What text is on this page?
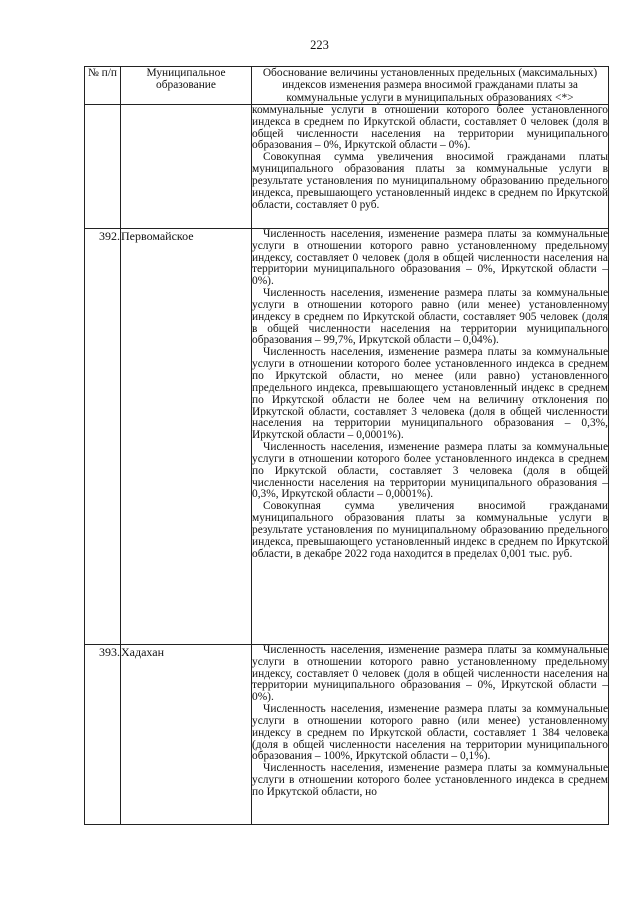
223
№ п/п	Муниципальное образование	Обоснование величины установленных предельных (максимальных) индексов изменения размера вносимой гражданами платы за коммунальные услуги в муниципальных образованиях <*>

		коммунальные услуги в отношении которого более установленного индекса в среднем по Иркутской области, составляет 0 человек (доля в общей численности населения на территории муниципального образования – 0%, Иркутской области – 0%).

Совокупная сумма увеличения вносимой гражданами платы муниципального образования платы за коммунальные услуги в результате установления по муниципальному образованию предельного индекса, превышающего установленный индекс в среднем по Иркутской области, составляет 0 руб.

392.	Первомайское	Численность населения, изменение размера платы за коммунальные услуги в отношении которого равно установленному предельному индексу, составляет 0 человек (доля в общей численности населения на территории муниципального образования – 0%, Иркутской области – 0%).

Численность населения, изменение размера платы за коммунальные услуги в отношении которого равно (или менее) установленному индексу в среднем по Иркутской области, составляет 905 человек (доля в общей численности населения на территории муниципального образования – 99,7%, Иркутской области – 0,04%).

Численность населения, изменение размера платы за коммунальные услуги в отношении которого более установленного индекса в среднем по Иркутской области, но менее (или равно) установленного предельного индекса, превышающего установленный индекс в среднем по Иркутской области не более чем на величину отклонения по Иркутской области, составляет 3 человека (доля в общей численности населения на территории муниципального образования – 0,3%, Иркутской области – 0,0001%).

Численность населения, изменение размера платы за коммунальные услуги в отношении которого более установленного индекса в среднем по Иркутской области, составляет 3 человека (доля в общей численности населения на территории муниципального образования – 0,3%, Иркутской области – 0,0001%).

Совокупная сумма увеличения вносимой гражданами муниципального образования платы за коммунальные услуги в результате установления по муниципальному образованию предельного индекса, превышающего установленный индекс в среднем по Иркутской области, в декабре 2022 года находится в пределах 0,001 тыс. руб.

393.	Хадахан	Численность населения, изменение размера платы за коммунальные услуги в отношении которого равно установленному предельному индексу, составляет 0 человек (доля в общей численности населения на территории муниципального образования – 0%, Иркутской области – 0%).

Численность населения, изменение размера платы за коммунальные услуги в отношении которого равно (или менее) установленному индексу в среднем по Иркутской области, составляет 1 384 человека (доля в общей численности населения на территории муниципального образования – 100%, Иркутской области – 0,1%).

Численность населения, изменение размера платы за коммунальные услуги в отношении которого более установленного индекса в среднем по Иркутской области, но
